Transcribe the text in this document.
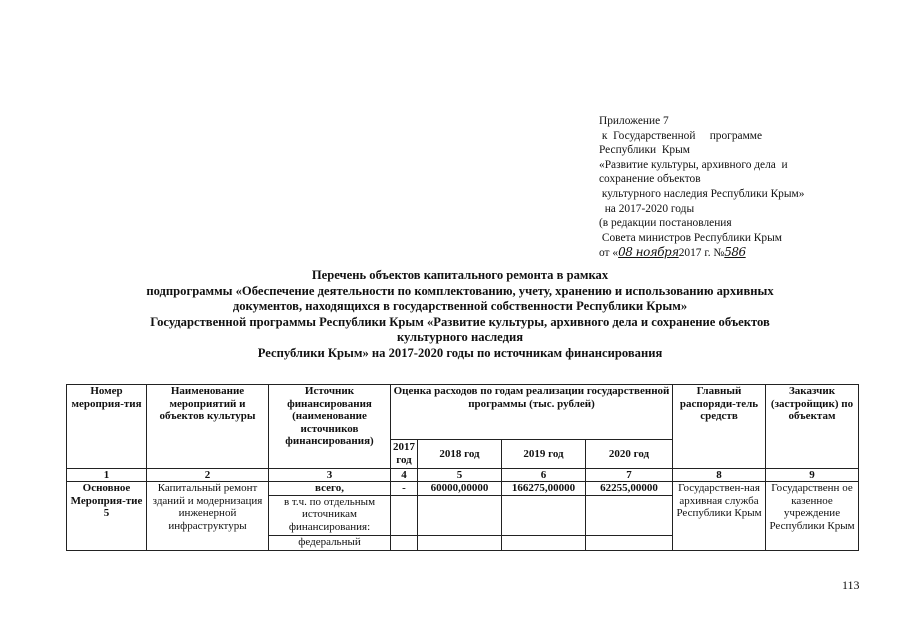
Приложение 7
к  Государственной     программе
Республики  Крым
«Развитие культуры, архивного дела  и
сохранение объектов
культурного наследия Республики Крым»
на 2017-2020 годы
(в редакции постановления
Совета министров Республики Крым
от «08 ноября2017 г. №586
Перечень объектов капитального ремонта в рамках
подпрограммы «Обеспечение деятельности по комплектованию, учету, хранению и использованию архивных
документов, находящихся в государственной собственности Республики Крым»
Государственной программы Республики Крым «Развитие культуры, архивного дела и сохранение объектов
культурного наследия
Республики Крым» на 2017-2020 годы по источникам финансирования
Номер мероприя-тия	Наименование мероприятий и объектов культуры	Источник финансирования (наименование источников финансирования)	Оценка расходов по годам реализации государственной программы (тыс. рублей)				Главный распоряди-тель средств	Заказчик (застройщик) по объектам
			2017 год	2018 год	2019 год	2020 год		
1	2	3	4	5	6	7	8	9
Основное Мероприя-тие 5	Капитальный ремонт зданий и модернизация инженерной инфраструктуры	всего,	-	60000,00000	166275,00000	62255,00000	Государствен-ная архивная служба Республики Крым	Государственн ое казенное учреждение Республики Крым
		в т.ч. по отдельным источникам финансирования:						
		федеральный						
113
